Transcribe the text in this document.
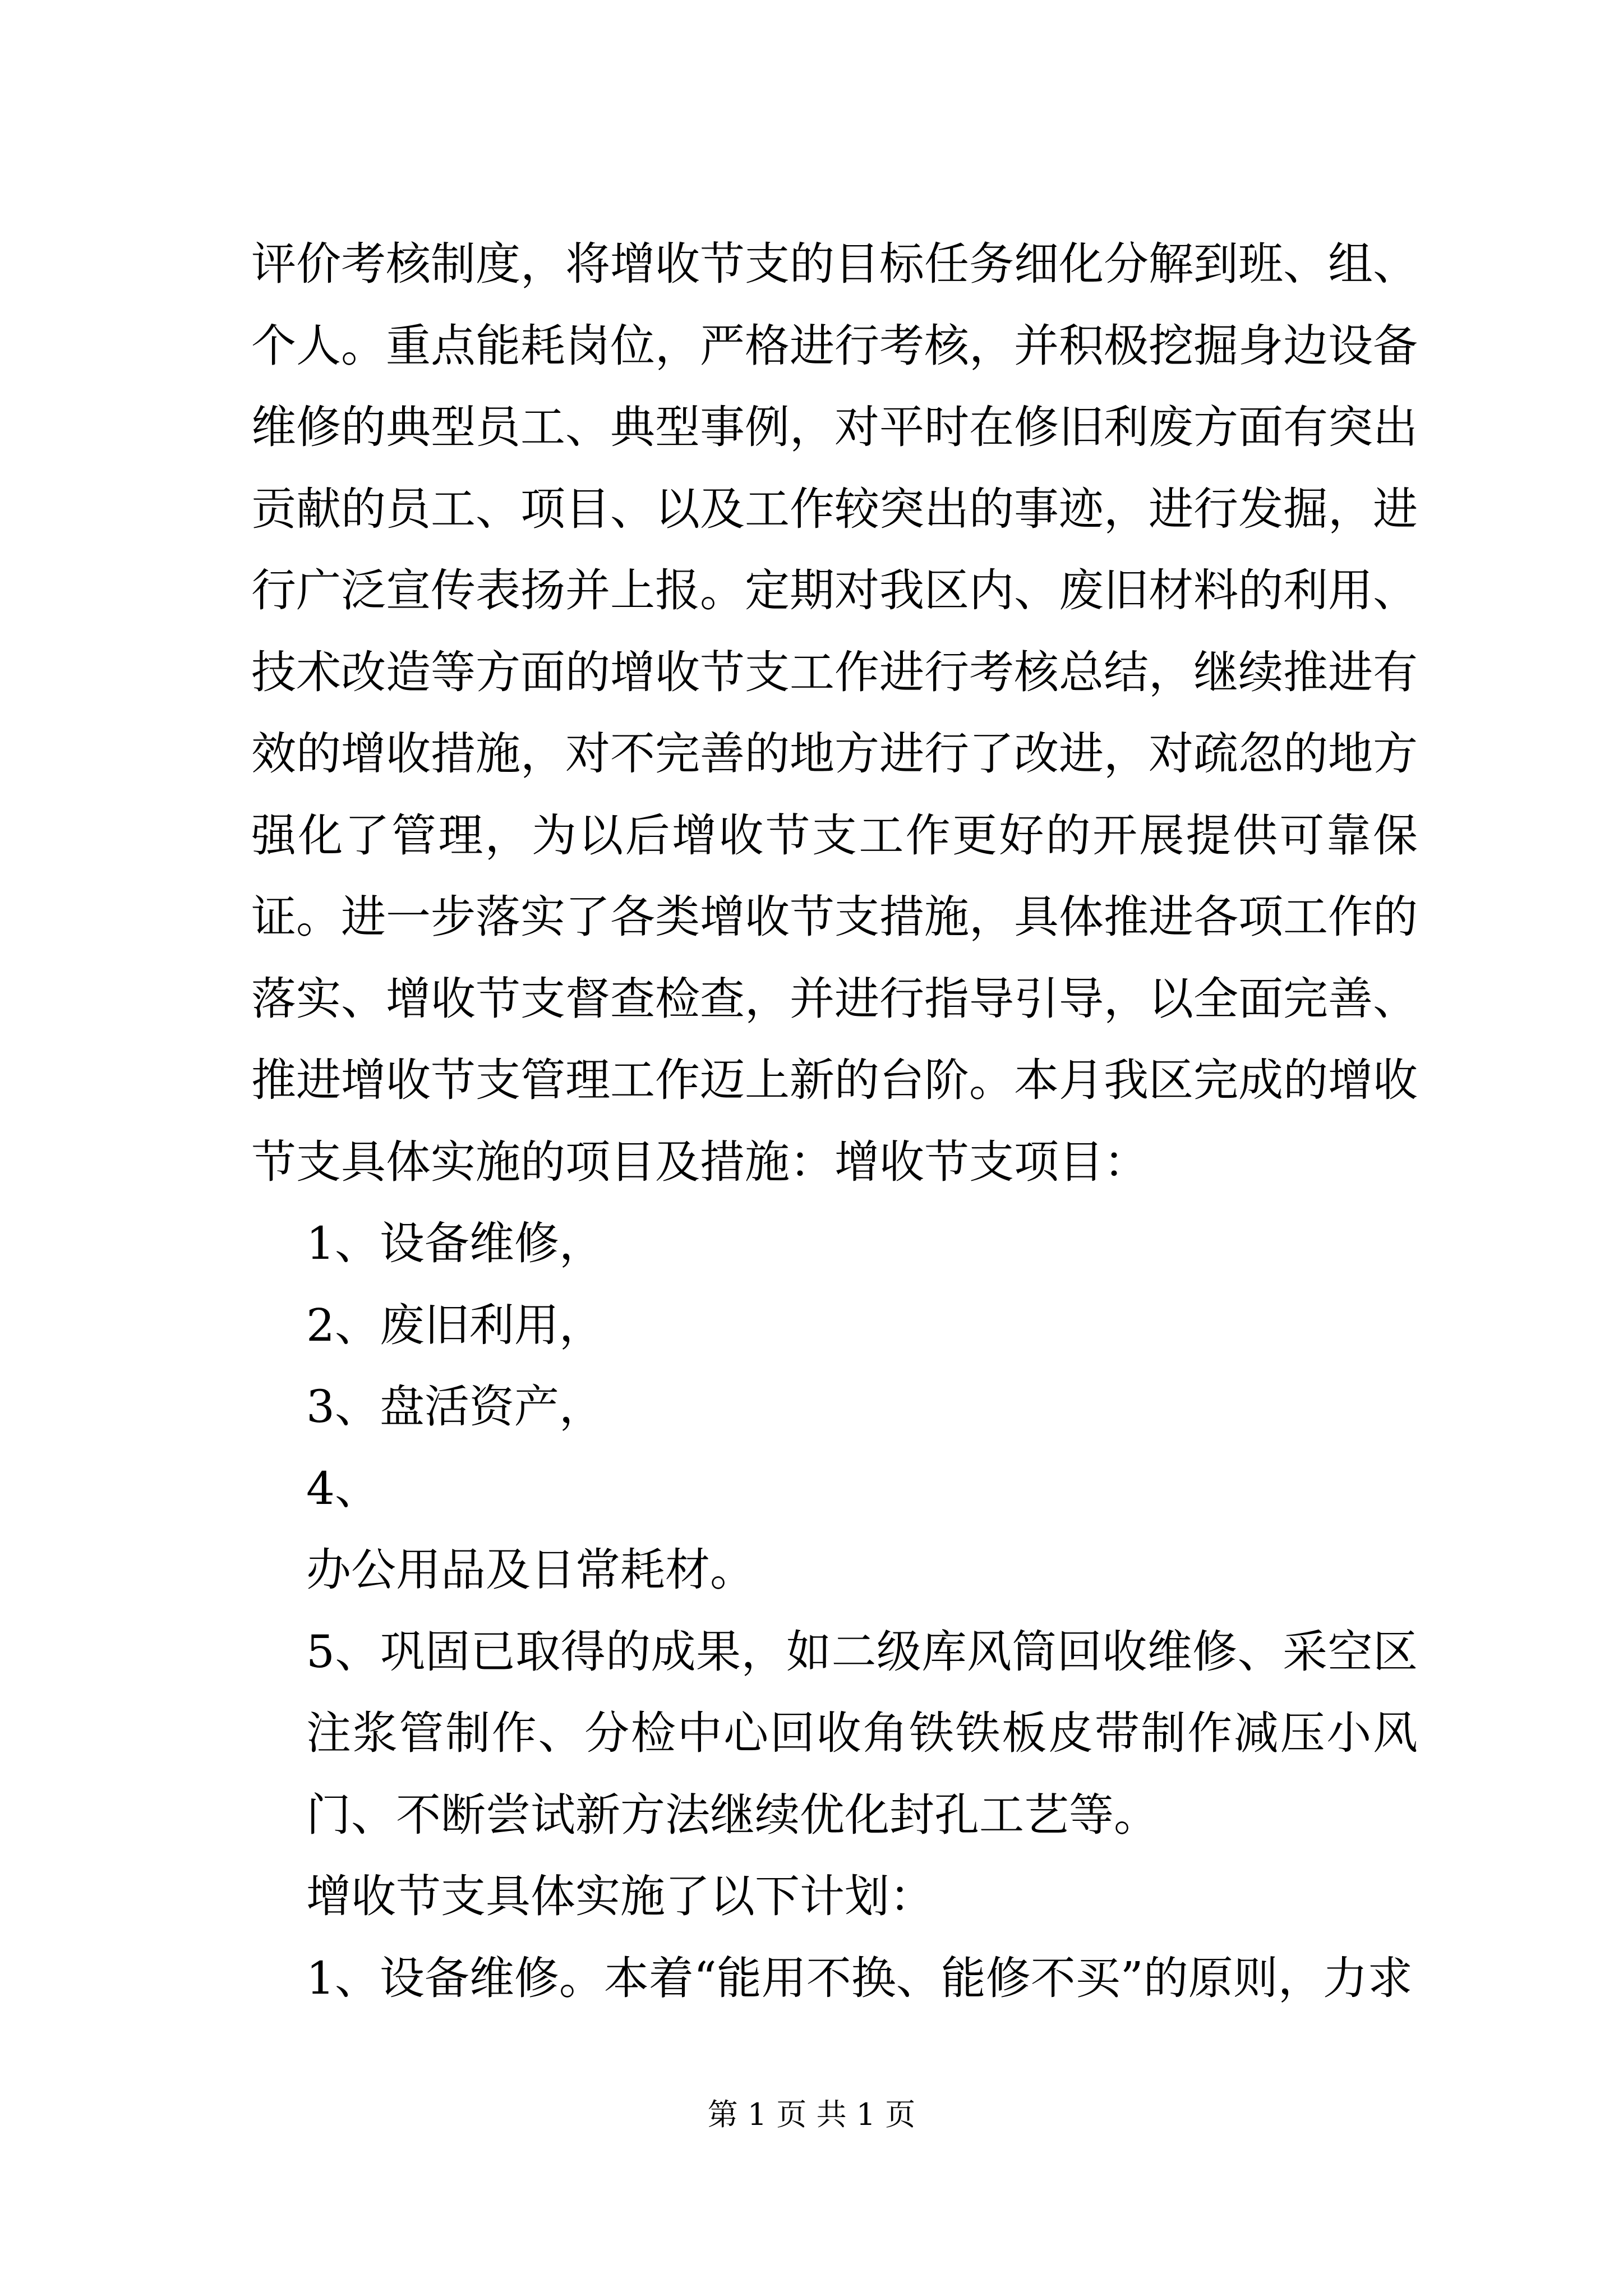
评价考核制度，将增收节支的目标任务细化分解到班、组、个人。重点能耗岗位，严格进行考核，并积极挖掘身边设备维修的典型员工、典型事例，对平时在修旧利废方面有突出贡献的员工、项目、以及工作较突出的事迹，进行发掘，进行广泛宣传表扬并上报。定期对我区内、废旧材料的利用、技术改造等方面的增收节支工作进行考核总结，继续推进有效的增收措施，对不完善的地方进行了改进，对疏忽的地方强化了管理，为以后增收节支工作更好的开展提供可靠保证。进一步落实了各类增收节支措施，具体推进各项工作的落实、增收节支督查检查，并进行指导引导，以全面完善、推进增收节支管理工作迈上新的台阶。本月我区完成的增收节支具体实施的项目及措施：增收节支项目：

1、设备维修，

2、废旧利用，

3、盘活资产，

4、

办公用品及日常耗材。

5、巩固已取得的成果，如二级库风筒回收维修、采空区注浆管制作、分检中心回收角铁铁板皮带制作减压小风门、不断尝试新方法继续优化封孔工艺等。

增收节支具体实施了以下计划：

1、设备维修。本着“能用不换、能修不买”的原则，力求

第 1 页 共 1 页
